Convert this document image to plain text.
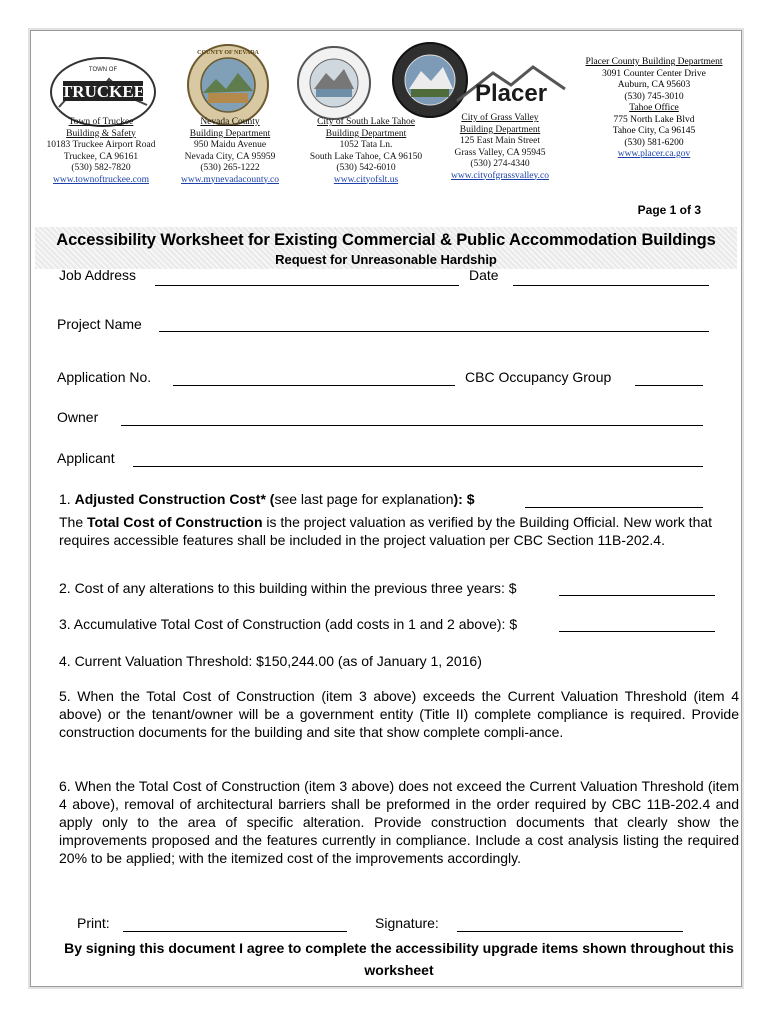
TRUCKEE
TOWN OF
COUNTY OF NEVADA
Placer
Town of Truckee
Building & Safety
10183 Truckee Airport Road
Truckee, CA 96161
(530) 582-7820
www.townoftruckee.com
Nevada County
Building Department
950 Maidu Avenue
Nevada City, CA 95959
(530) 265-1222
www.mynevadacounty.co
City of South Lake Tahoe
Building Department
1052 Tata Ln.
South Lake Tahoe, CA 96150
(530) 542-6010
www.cityofslt.us
City of Grass Valley
Building Department
125 East Main Street
Grass Valley, CA 95945
(530) 274-4340
www.cityofgrassvalley.co
Placer County Building Department
3091 Counter Center Drive
Auburn, CA 95603
(530) 745-3010
Tahoe Office
775 North Lake Blvd
Tahoe City, Ca 96145
(530) 581-6200
www.placer.ca.gov
Page 1 of 3
Accessibility Worksheet for Existing Commercial & Public Accommodation Buildings
Request for Unreasonable Hardship
Job Address	Date
Project Name
Application No.	CBC Occupancy Group
Owner
Applicant
1. Adjusted Construction Cost* (see last page for explanation): $
The Total Cost of Construction is the project valuation as verified by the Building Official. New work that requires accessible features shall be included in the project valuation per CBC Section 11B-202.4.
2. Cost of any alterations to this building within the previous three years: $
3. Accumulative Total Cost of Construction (add costs in 1 and 2 above): $
4. Current Valuation Threshold: $150,244.00 (as of January 1, 2016)
5. When the Total Cost of Construction (item 3 above) exceeds the Current Valuation Threshold (item 4 above) or the tenant/owner will be a government entity (Title II) complete compliance is required. Provide construction documents for the building and site that show complete compli-ance.
6. When the Total Cost of Construction (item 3 above) does not exceed the Current Valuation Threshold (item 4 above), removal of architectural barriers shall be preformed in the order required by CBC 11B-202.4 and apply only to the area of specific alteration. Provide construction documents that clearly show the improvements proposed and the features currently in compliance. Include a cost analysis listing the required 20% to be applied; with the itemized cost of the improvements accordingly.
Print:	Signature:
By signing this document I agree to complete the accessibility upgrade items shown throughout this worksheet
